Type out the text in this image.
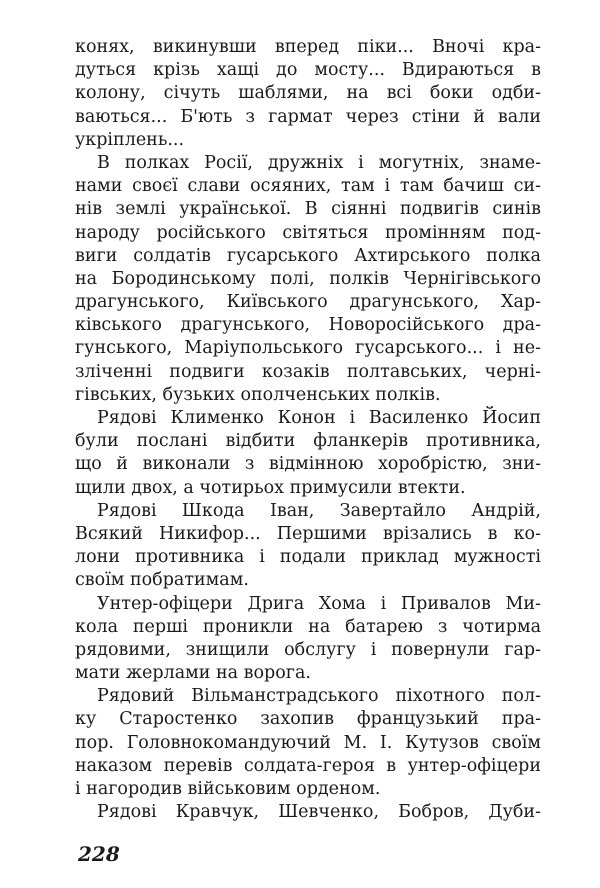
конях, викинувши вперед піки... Вночі кра-
дуться крізь хащі до мосту... Вдираються в
колону, січуть шаблями, на всі боки одби-
ваються... Б'ють з гармат через стіни й вали
укріплень...
В полках Росії, дружніх і могутніх, знаме-
нами своєї слави осяяних, там і там бачиш си-
нів землі української. В сіянні подвигів синів
народу російського світяться промінням под-
виги солдатів гусарського Ахтирського полка
на Бородинському полі, полків Чернігівського
драгунського, Київського драгунського, Хар-
ківського драгунського, Новоросійського дра-
гунського, Маріупольського гусарського... і не-
зліченні подвиги козаків полтавських, черні-
гівських, бузьких ополченських полків.
Рядові Клименко Конон і Василенко Йосип
були послані відбити фланкерів противника,
що й виконали з відмінною хоробрістю, зни-
щили двох, а чотирьох примусили втекти.
Рядові Шкода Іван, Завертайло Андрій,
Всякий Никифор... Першими врізались в ко-
лони противника і подали приклад мужності
своїм побратимам.
Унтер-офіцери Дрига Хома і Привалов Ми-
кола перші проникли на батарею з чотирма
рядовими, знищили обслугу і повернули гар-
мати жерлами на ворога.
Рядовий Вільманстрадського піхотного пол-
ку Старостенко захопив французький пра-
пор. Головнокомандуючий М. І. Кутузов своїм
наказом перевів солдата-героя в унтер-офіцери
і нагородив військовим орденом.
Рядові Кравчук, Шевченко, Бобров, Дуби-
228
